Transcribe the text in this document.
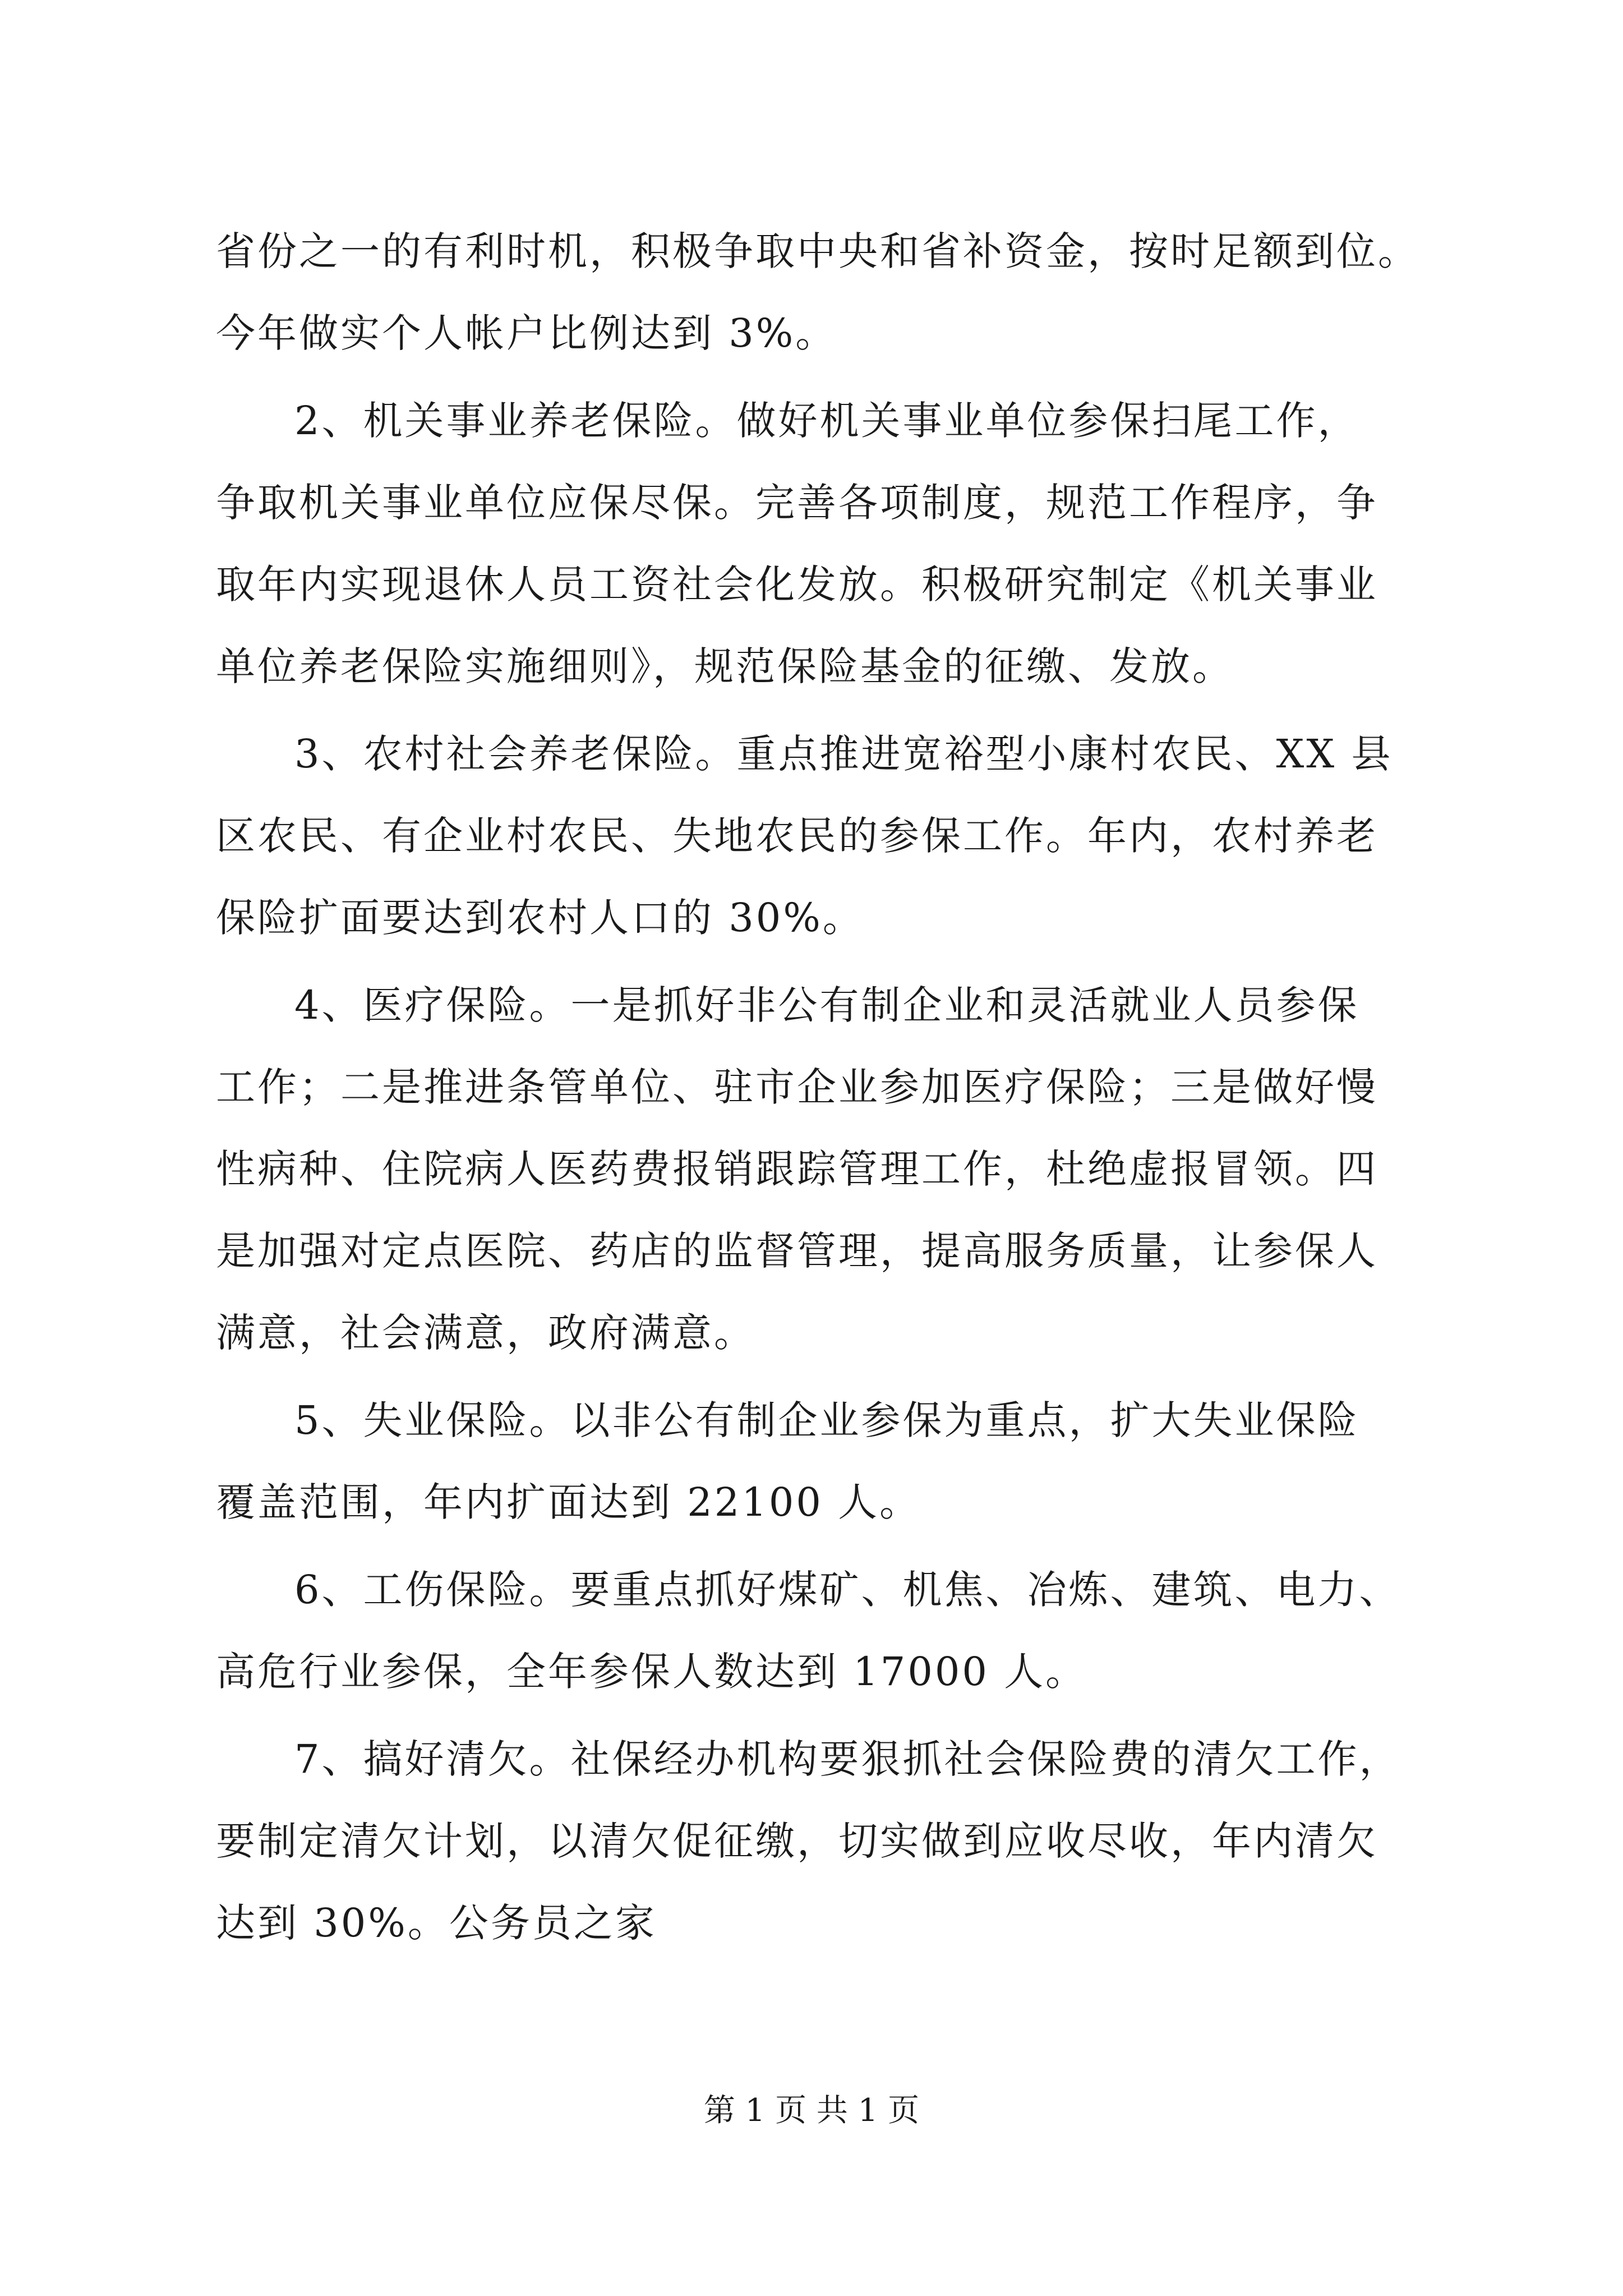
省份之一的有利时机，积极争取中央和省补资金，按时足额到位。
今年做实个人帐户比例达到 3%。

2、机关事业养老保险。做好机关事业单位参保扫尾工作，
争取机关事业单位应保尽保。完善各项制度，规范工作程序，争
取年内实现退休人员工资社会化发放。积极研究制定《机关事业
单位养老保险实施细则》，规范保险基金的征缴、发放。

3、农村社会养老保险。重点推进宽裕型小康村农民、XX 县
区农民、有企业村农民、失地农民的参保工作。年内，农村养老
保险扩面要达到农村人口的 30%。

4、医疗保险。一是抓好非公有制企业和灵活就业人员参保
工作；二是推进条管单位、驻市企业参加医疗保险；三是做好慢
性病种、住院病人医药费报销跟踪管理工作，杜绝虚报冒领。四
是加强对定点医院、药店的监督管理，提高服务质量，让参保人
满意，社会满意，政府满意。

5、失业保险。以非公有制企业参保为重点，扩大失业保险
覆盖范围，年内扩面达到 22100 人。

6、工伤保险。要重点抓好煤矿、机焦、冶炼、建筑、电力、
高危行业参保，全年参保人数达到 17000 人。

7、搞好清欠。社保经办机构要狠抓社会保险费的清欠工作，
要制定清欠计划，以清欠促征缴，切实做到应收尽收，年内清欠
达到 30%。公务员之家

第 1 页 共 1 页
